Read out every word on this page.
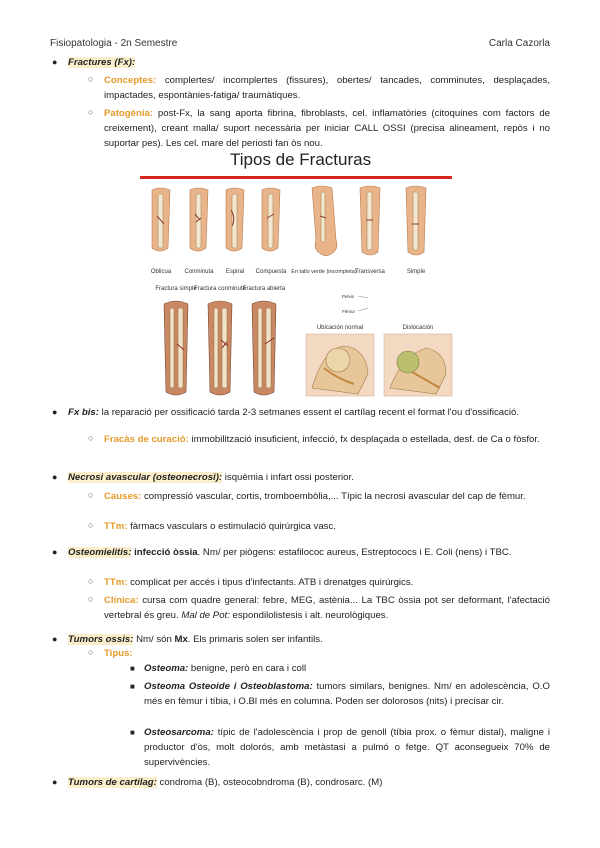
Fisiopatologia - 2n Semestre	Carla Cazorla
● Fractures (Fx):
○ Conceptes: complertes/ incomplertes (fissures), obertes/ tancades, comminutes, desplaçades, impactades, espontànies-fatiga/ traumàtiques.
○ Patogènia: post-Fx, la sang aporta fibrina, fibroblasts, cel. inflamatòries (citoquines com factors de creixement), creant malla/ suport necessària per iniciar CALL OSSI (precisa alineament, repòs i no suportar pes). Les cel. mare del periosti fan òs nou.
Tipos de Fracturas
Oblicua Conminuta Espiral Compuesta En tallo verde (incompleta)
Transversa	Simple
Fractura simple
Fractura conminuta
Fractura abierta
Pelvis
Fémur
Ubicación normal	Dislocación
● Fx bis: la reparació per ossificació tarda 2-3 setmanes essent el cartílag recent el format l'ou d'ossificació.
○ Fracàs de curació: immobilització insuficient, infecció, fx desplaçada o estellada, desf. de Ca o fòsfor.
● Necrosi avascular (osteonecrosi): isquèmia i infart ossi posterior.
○ Causes: compressió vascular, cortis, tromboembòlia,... Típic la necrosi avascular del cap de fèmur.
○ TTm: fàrmacs vasculars o estimulació quirúrgica vasc.
● Osteomielitis: infecció òssia. Nm/ per piògens: estafilococ aureus, Estreptococs i E. Coli (nens) i TBC.
○ TTm: complicat per accés i tipus d'infectants. ATB i drenatges quirúrgics.
○ Clínica: cursa com quadre general: febre, MEG, astènia... La TBC òssia pot ser deformant, l'afectació vertebral és greu. Mal de Pot: espondilolistesis i alt. neurològiques.
● Tumors ossis: Nm/ són Mx. Els primaris solen ser infantils.
○ Tipus:
■ Osteoma: benigne, però en cara i coll
■ Osteoma Osteoide i Osteoblastoma: tumors similars, benignes. Nm/ en adolescència, O.O més en fèmur i tíbia, i O.Bl més en columna. Poden ser dolorosos (nits) i precisar cir.
■ Osteosarcoma: típic de l'adolescència i prop de genoll (tíbia prox. o fèmur distal), maligne i productor d'òs, molt dolorós, amb metàstasi a pulmó o fetge. QT aconsegueix 70% de supervivències.
● Tumors de cartílag: condroma (B), osteocobndroma (B), condrosarc. (M)
